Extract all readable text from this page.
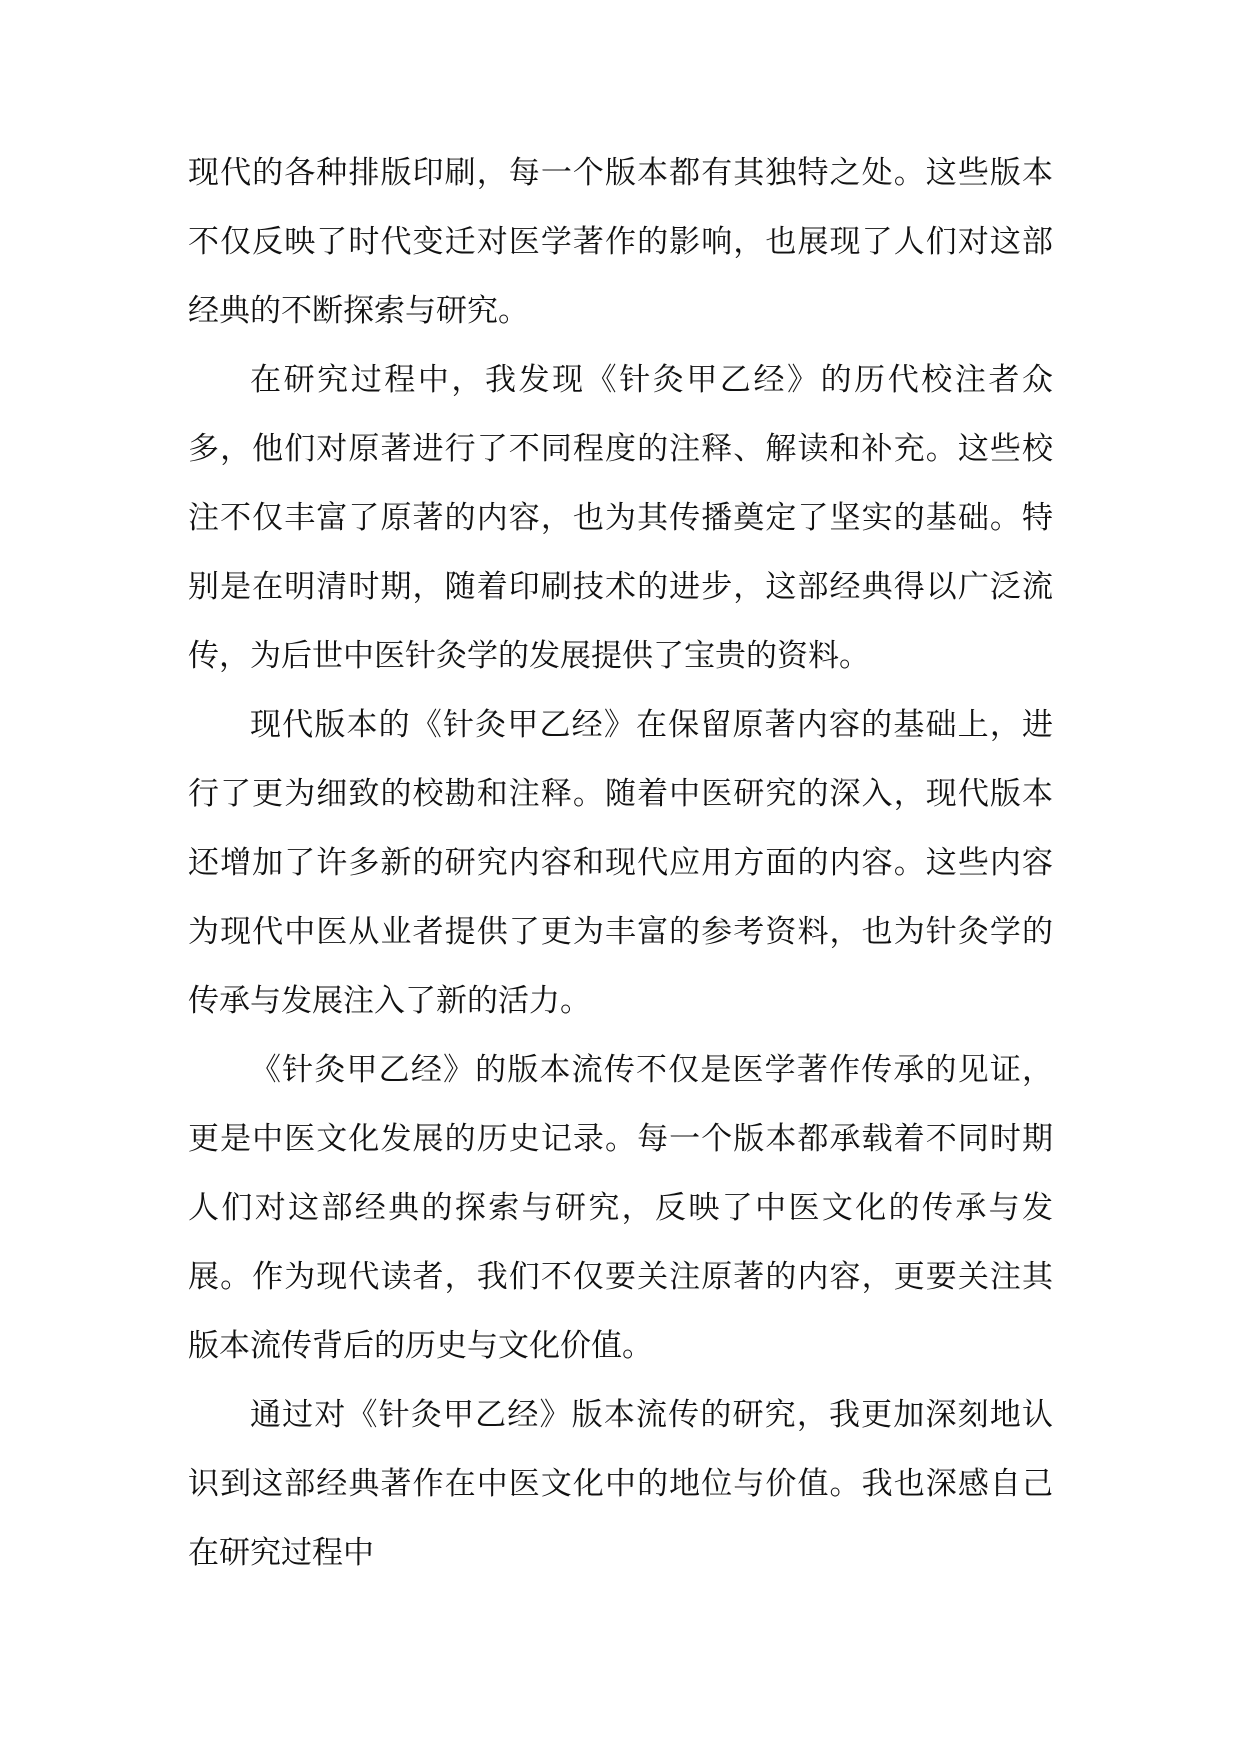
现代的各种排版印刷，每一个版本都有其独特之处。这些版本不仅反映了时代变迁对医学著作的影响，也展现了人们对这部经典的不断探索与研究。

在研究过程中，我发现《针灸甲乙经》的历代校注者众多，他们对原著进行了不同程度的注释、解读和补充。这些校注不仅丰富了原著的内容，也为其传播奠定了坚实的基础。特别是在明清时期，随着印刷技术的进步，这部经典得以广泛流传，为后世中医针灸学的发展提供了宝贵的资料。

现代版本的《针灸甲乙经》在保留原著内容的基础上，进行了更为细致的校勘和注释。随着中医研究的深入，现代版本还增加了许多新的研究内容和现代应用方面的内容。这些内容为现代中医从业者提供了更为丰富的参考资料，也为针灸学的传承与发展注入了新的活力。

《针灸甲乙经》的版本流传不仅是医学著作传承的见证，更是中医文化发展的历史记录。每一个版本都承载着不同时期人们对这部经典的探索与研究，反映了中医文化的传承与发展。作为现代读者，我们不仅要关注原著的内容，更要关注其版本流传背后的历史与文化价值。

通过对《针灸甲乙经》版本流传的研究，我更加深刻地认识到这部经典著作在中医文化中的地位与价值。我也深感自己在研究过程中
